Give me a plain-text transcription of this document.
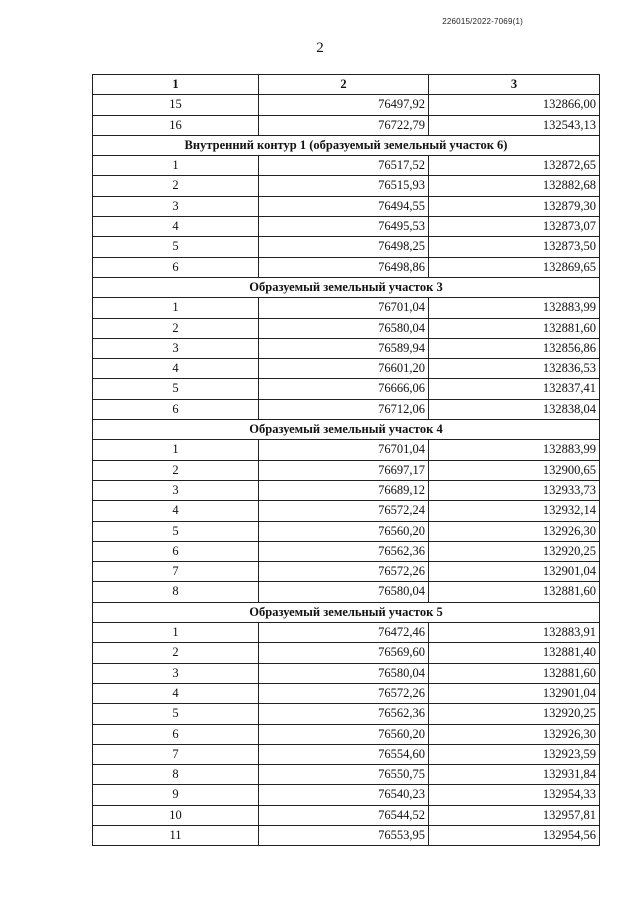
226015/2022-7069(1)
2
1	2	3
15	76497,92	132866,00
16	76722,79	132543,13
Внутренний контур 1 (образуемый земельный участок 6)		
1	76517,52	132872,65
2	76515,93	132882,68
3	76494,55	132879,30
4	76495,53	132873,07
5	76498,25	132873,50
6	76498,86	132869,65
Образуемый земельный участок 3		
1	76701,04	132883,99
2	76580,04	132881,60
3	76589,94	132856,86
4	76601,20	132836,53
5	76666,06	132837,41
6	76712,06	132838,04
Образуемый земельный участок 4		
1	76701,04	132883,99
2	76697,17	132900,65
3	76689,12	132933,73
4	76572,24	132932,14
5	76560,20	132926,30
6	76562,36	132920,25
7	76572,26	132901,04
8	76580,04	132881,60
Образуемый земельный участок 5		
1	76472,46	132883,91
2	76569,60	132881,40
3	76580,04	132881,60
4	76572,26	132901,04
5	76562,36	132920,25
6	76560,20	132926,30
7	76554,60	132923,59
8	76550,75	132931,84
9	76540,23	132954,33
10	76544,52	132957,81
11	76553,95	132954,56
